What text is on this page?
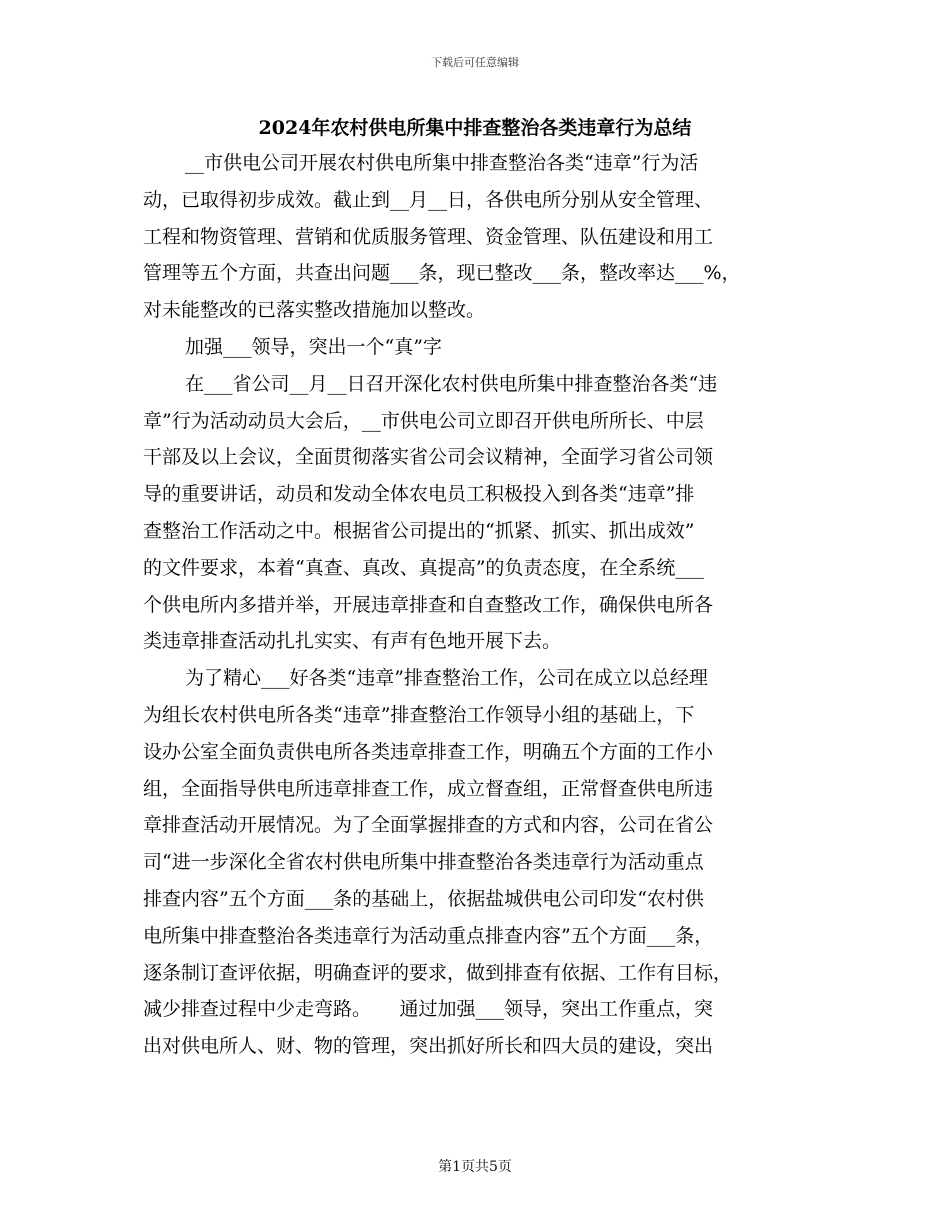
下载后可任意编辑
2024年农村供电所集中排查整治各类违章行为总结
__市供电公司开展农村供电所集中排查整治各类“违章”行为活
动，已取得初步成效。截止到__月__日，各供电所分别从安全管理、
工程和物资管理、营销和优质服务管理、资金管理、队伍建设和用工
管理等五个方面，共查出问题___条，现已整改___条，整改率达___%，
对未能整改的已落实整改措施加以整改。
加强___领导，突出一个“真”字
在___省公司__月__日召开深化农村供电所集中排查整治各类“违
章”行为活动动员大会后，__市供电公司立即召开供电所所长、中层
干部及以上会议，全面贯彻落实省公司会议精神，全面学习省公司领
导的重要讲话，动员和发动全体农电员工积极投入到各类“违章”排
查整治工作活动之中。根据省公司提出的“抓紧、抓实、抓出成效”
的文件要求，本着“真查、真改、真提高”的负责态度，在全系统___
个供电所内多措并举，开展违章排查和自查整改工作，确保供电所各
类违章排查活动扎扎实实、有声有色地开展下去。
为了精心___好各类“违章”排查整治工作，公司在成立以总经理
为组长农村供电所各类“违章”排查整治工作领导小组的基础上，下
设办公室全面负责供电所各类违章排查工作，明确五个方面的工作小
组，全面指导供电所违章排查工作，成立督查组，正常督查供电所违
章排查活动开展情况。为了全面掌握排查的方式和内容，公司在省公
司“进一步深化全省农村供电所集中排查整治各类违章行为活动重点
排查内容”五个方面___条的基础上，依据盐城供电公司印发“农村供
电所集中排查整治各类违章行为活动重点排查内容”五个方面___条，
逐条制订查评依据，明确查评的要求，做到排查有依据、工作有目标，
减少排查过程中少走弯路。　　通过加强___领导，突出工作重点，突
出对供电所人、财、物的管理，突出抓好所长和四大员的建设，突出
第1页共5页
